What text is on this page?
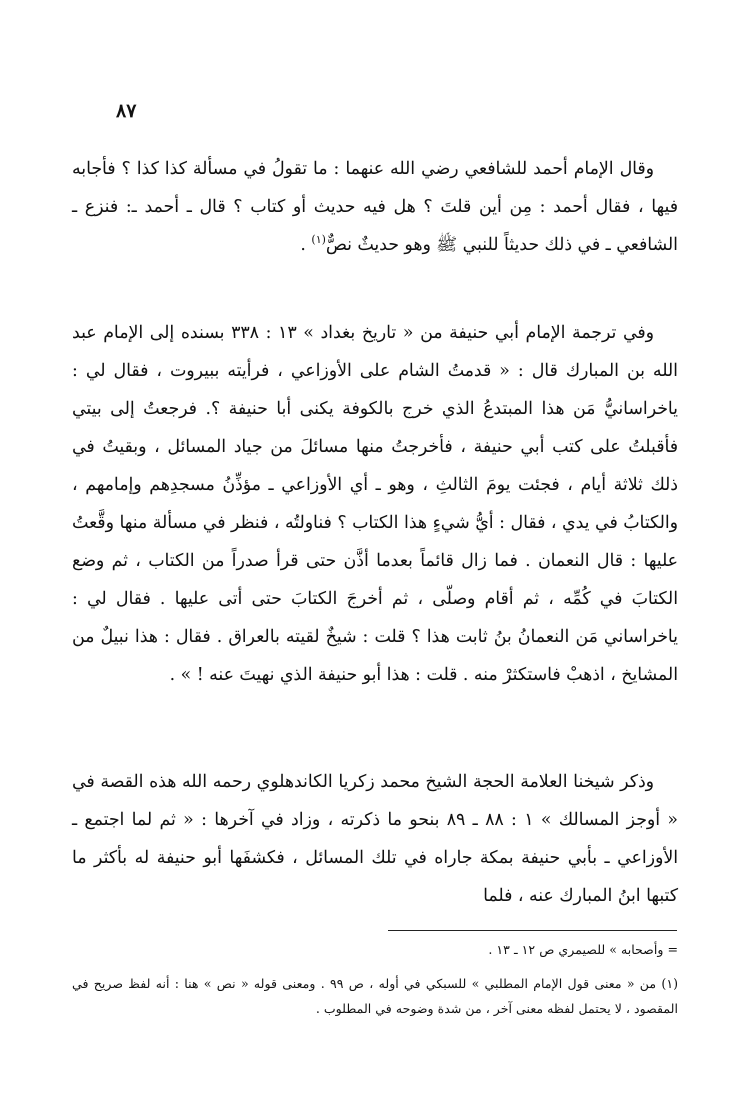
٨٧

وقال الإمام أحمد للشافعي رضي الله عنهما : ما تقولُ في مسألة كذا كذا ؟ فأجابه فيها ، فقال أحمد : مِن أين قلتَ ؟ هل فيه حديث أو كتاب ؟ قال ـ أحمد ـ: فنزع ـ الشافعي ـ في ذلك حديثاً للنبي ﷺ وهو حديثٌ نصٌّ$^{(١)}$ .

وفي ترجمة الإمام أبي حنيفة من « تاريخ بغداد » ١٣ : ٣٣٨ بسنده إلى الإمام عبد الله بن المبارك قال : « قدمتُ الشام على الأوزاعي ، فرأيته ببيروت ، فقال لي : ياخراسانيُّ مَن هذا المبتدعُ الذي خرج بالكوفة يكنى أبا حنيفة ؟. فرجعتُ إلى بيتي فأقبلتُ على كتب أبي حنيفة ، فأخرجتُ منها مسائلَ من جياد المسائل ، وبقيتُ في ذلك ثلاثة أيام ، فجئت يومَ الثالثِ ، وهو ـ أي الأوزاعي ـ مؤذِّنُ مسجدِهم وإمامهم ، والكتابُ في يدي ، فقال : أيُّ شيءٍ هذا الكتاب ؟ فناولتُه ، فنظر في مسألة منها وقَّعتُ عليها : قال النعمان . فما زال قائماً بعدما أذَّن حتى قرأ صدراً من الكتاب ، ثم وضع الكتابَ في كُمِّه ، ثم أقام وصلّى ، ثم أخرجَ الكتابَ حتى أتى عليها . فقال لي : ياخراساني مَن النعمانُ بنُ ثابت هذا ؟ قلت : شيخٌ لقيته بالعراق . فقال : هذا نبيلٌ من المشايخ ، اذهبْ فاستكثرْ منه . قلت : هذا أبو حنيفة الذي نهيتَ عنه ! » .

وذكر شيخنا العلامة الحجة الشيخ محمد زكريا الكاندهلوي رحمه الله هذه القصة في « أوجز المسالك » ١ : ٨٨ ـ ٨٩ بنحو ما ذكرته ، وزاد في آخرها : « ثم لما اجتمع ـ الأوزاعي ـ بأبي حنيفة بمكة جاراه في تلك المسائل ، فكشفَها أبو حنيفة له بأكثر ما كتبها ابنُ المبارك عنه ، فلما

= وأصحابه » للصيمري ص ١٢ ـ ١٣ .

(١) من « معنى قول الإمام المطلبي » للسبكي في أوله ، ص ٩٩ . ومعنى قوله « نص » هنا : أنه لفظ صريح في المقصود ، لا يحتمل لفظه معنى آخر ، من شدة وضوحه في المطلوب .
